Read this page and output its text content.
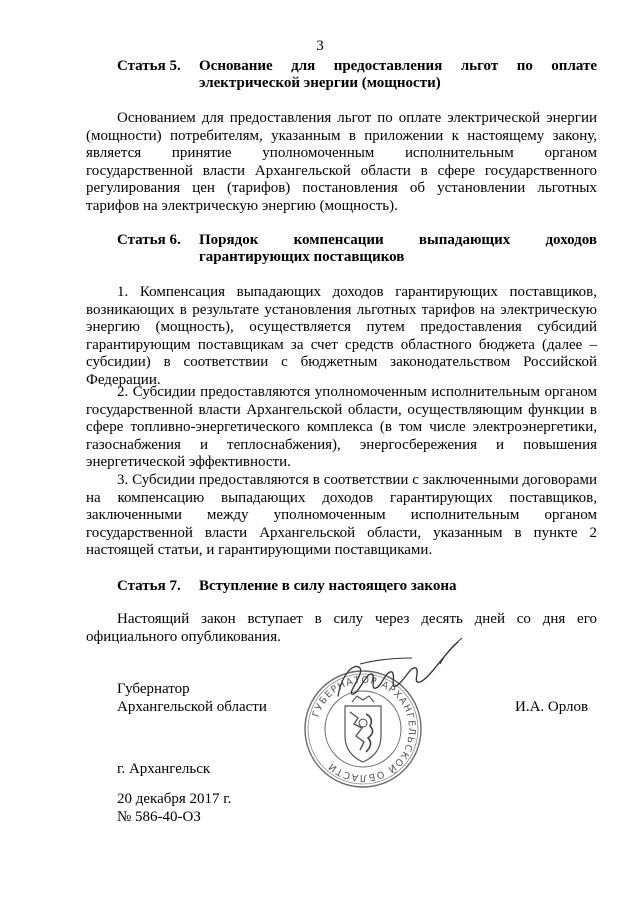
3
Статья 5. Основание для предоставления льгот по оплате электрической энергии (мощности)

Основанием для предоставления льгот по оплате электрической энергии (мощности) потребителям, указанным в приложении к настоящему закону, является принятие уполномоченным исполнительным органом государственной власти Архангельской области в сфере государственного регулирования цен (тарифов) постановления об установлении льготных тарифов на электрическую энергию (мощность).

Статья 6. Порядок компенсации выпадающих доходов гарантирующих поставщиков

1. Компенсация выпадающих доходов гарантирующих поставщиков, возникающих в результате установления льготных тарифов на электрическую энергию (мощность), осуществляется путем предоставления субсидий гарантирующим поставщикам за счет средств областного бюджета (далее – субсидии) в соответствии с бюджетным законодательством Российской Федерации.

2. Субсидии предоставляются уполномоченным исполнительным органом государственной власти Архангельской области, осуществляющим функции в сфере топливно-энергетического комплекса (в том числе электроэнергетики, газоснабжения и теплоснабжения), энергосбережения и повышения энергетической эффективности.

3. Субсидии предоставляются в соответствии с заключенными договорами на компенсацию выпадающих доходов гарантирующих поставщиков, заключенными между уполномоченным исполнительным органом государственной власти Архангельской области, указанным в пункте 2 настоящей статьи, и гарантирующими поставщиками.

Статья 7. Вступление в силу настоящего закона

Настоящий закон вступает в силу через десять дней со дня его официального опубликования.

ГУБЕРНАТОР АРХАНГЕЛЬСКОЙ ОБЛАСТИ
Губернатор
Архангельской области	И.А. Орлов
г. Архангельск
20 декабря 2017 г.
№ 586-40-ОЗ
